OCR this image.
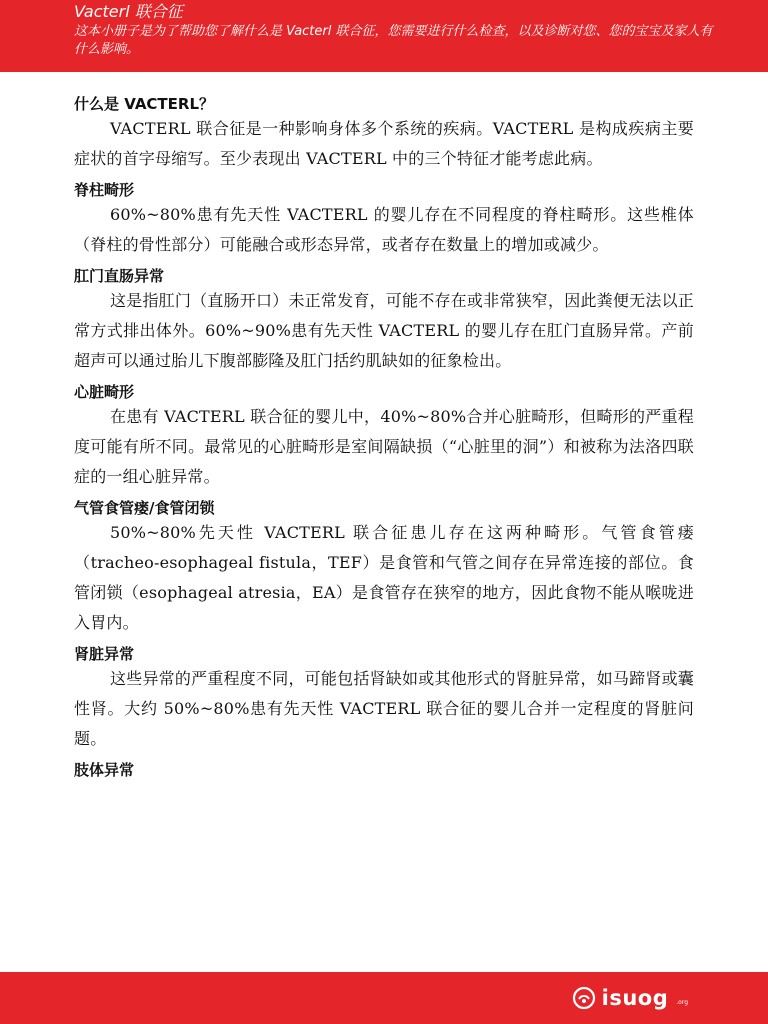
Vacterl 联合征
这本小册子是为了帮助您了解什么是 Vacterl 联合征，您需要进行什么检查，以及诊断对您、您的宝宝及家人有什么影响。
什么是 VACTERL？

VACTERL 联合征是一种影响身体多个系统的疾病。VACTERL 是构成疾病主要症状的首字母缩写。至少表现出 VACTERL 中的三个特征才能考虑此病。

脊柱畸形

60%~80%患有先天性 VACTERL 的婴儿存在不同程度的脊柱畸形。这些椎体（脊柱的骨性部分）可能融合或形态异常，或者存在数量上的增加或减少。

肛门直肠异常

这是指肛门（直肠开口）未正常发育，可能不存在或非常狭窄，因此粪便无法以正常方式排出体外。60%~90%患有先天性 VACTERL 的婴儿存在肛门直肠异常。产前超声可以通过胎儿下腹部膨隆及肛门括约肌缺如的征象检出。

心脏畸形

在患有 VACTERL 联合征的婴儿中，40%~80%合并心脏畸形，但畸形的严重程度可能有所不同。最常见的心脏畸形是室间隔缺损（“心脏里的洞”）和被称为法洛四联症的一组心脏异常。

气管食管瘘/食管闭锁

50%~80%先天性 VACTERL 联合征患儿存在这两种畸形。气管食管瘘（tracheo-esophageal fistula，TEF）是食管和气管之间存在异常连接的部位。食管闭锁（esophageal atresia，EA）是食管存在狭窄的地方，因此食物不能从喉咙进入胃内。

肾脏异常

这些异常的严重程度不同，可能包括肾缺如或其他形式的肾脏异常，如马蹄肾或囊性肾。大约 50%~80%患有先天性 VACTERL 联合征的婴儿合并一定程度的肾脏问题。

肢体异常
isuog .org
